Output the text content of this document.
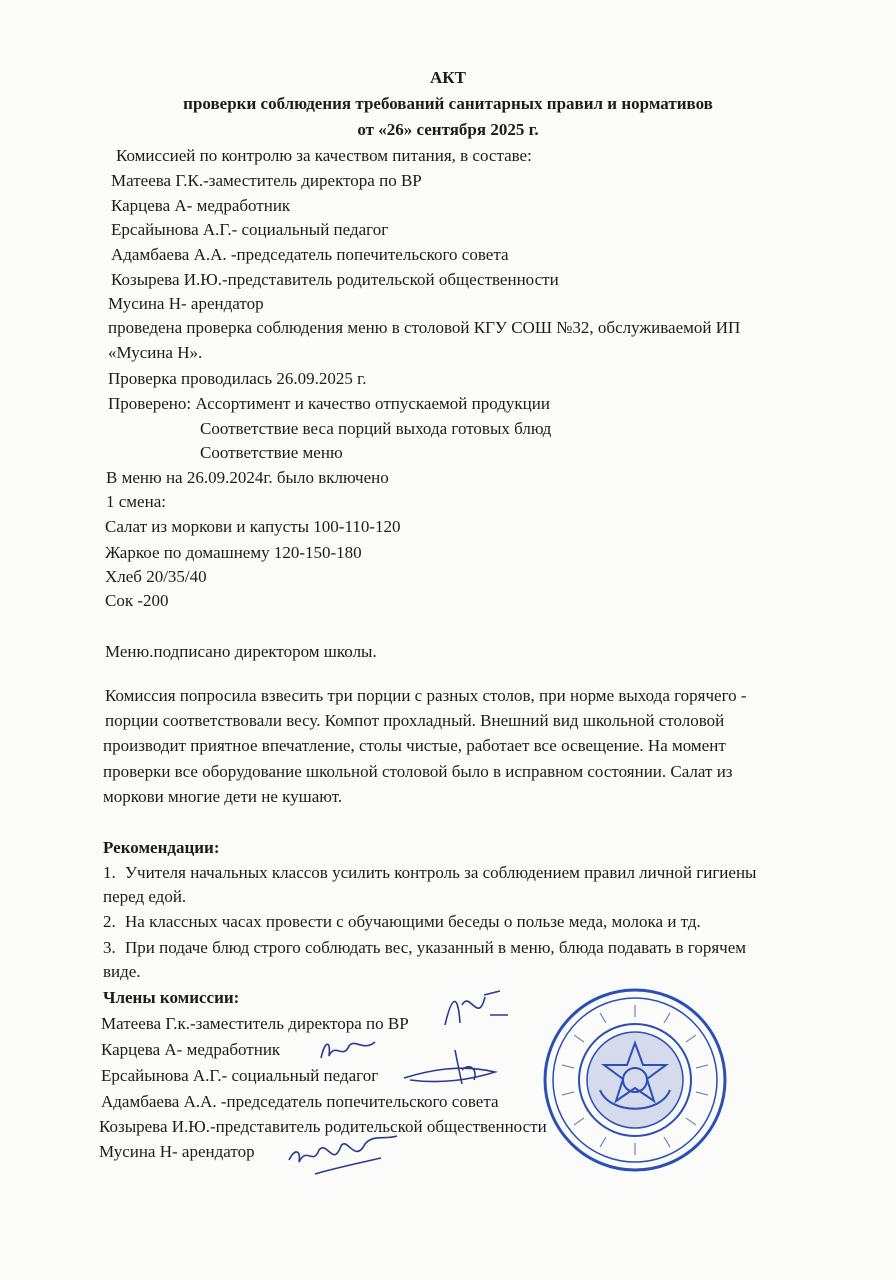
АКТ
проверки соблюдения требований санитарных правил и нормативов
от «26» сентября 2025 г.
Комиссией по контролю за качеством питания, в составе:
Матеева Г.К.-заместитель директора по ВР
Карцева А- медработник
Ерсайынова А.Г.- социальный педагог
Адамбаева А.А. -председатель попечительского совета
Козырева И.Ю.-представитель родительской общественности
Мусина Н- арендатор
проведена проверка соблюдения меню в столовой КГУ СОШ №32, обслуживаемой ИП
«Мусина Н».
Проверка проводилась 26.09.2025 г.
Проверено: Ассортимент и качество отпускаемой продукции
Соответствие веса порций выхода готовых блюд
Соответствие меню
В меню на 26.09.2024г. было включено
1 смена:
Салат из моркови и капусты 100-110-120
Жаркое по домашнему 120-150-180
Хлеб 20/35/40
Сок -200
Меню.подписано директором школы.
Комиссия попросила взвесить три порции с разных столов, при норме выхода горячего -
порции соответствовали весу. Компот прохладный. Внешний вид школьной столовой
производит приятное впечатление, столы чистые, работает все освещение. На момент
проверки все оборудование школьной столовой было в исправном состоянии. Салат из
моркови многие дети не кушают.
Рекомендации:
1. Учителя начальных классов усилить контроль за соблюдением правил личной гигиены
перед едой.
2. На классных часах провести с обучающими беседы о пользе меда, молока и тд.
3. При подаче блюд строго соблюдать вес, указанный в меню, блюда подавать в горячем
виде.
Члены комиссии:
Матеева Г.к.-заместитель директора по ВР
Карцева А- медработник
Ерсайынова А.Г.- социальный педагог
Адамбаева А.А. -председатель попечительского совета
Козырева И.Ю.-представитель родительской общественности
Мусина Н- арендатор
